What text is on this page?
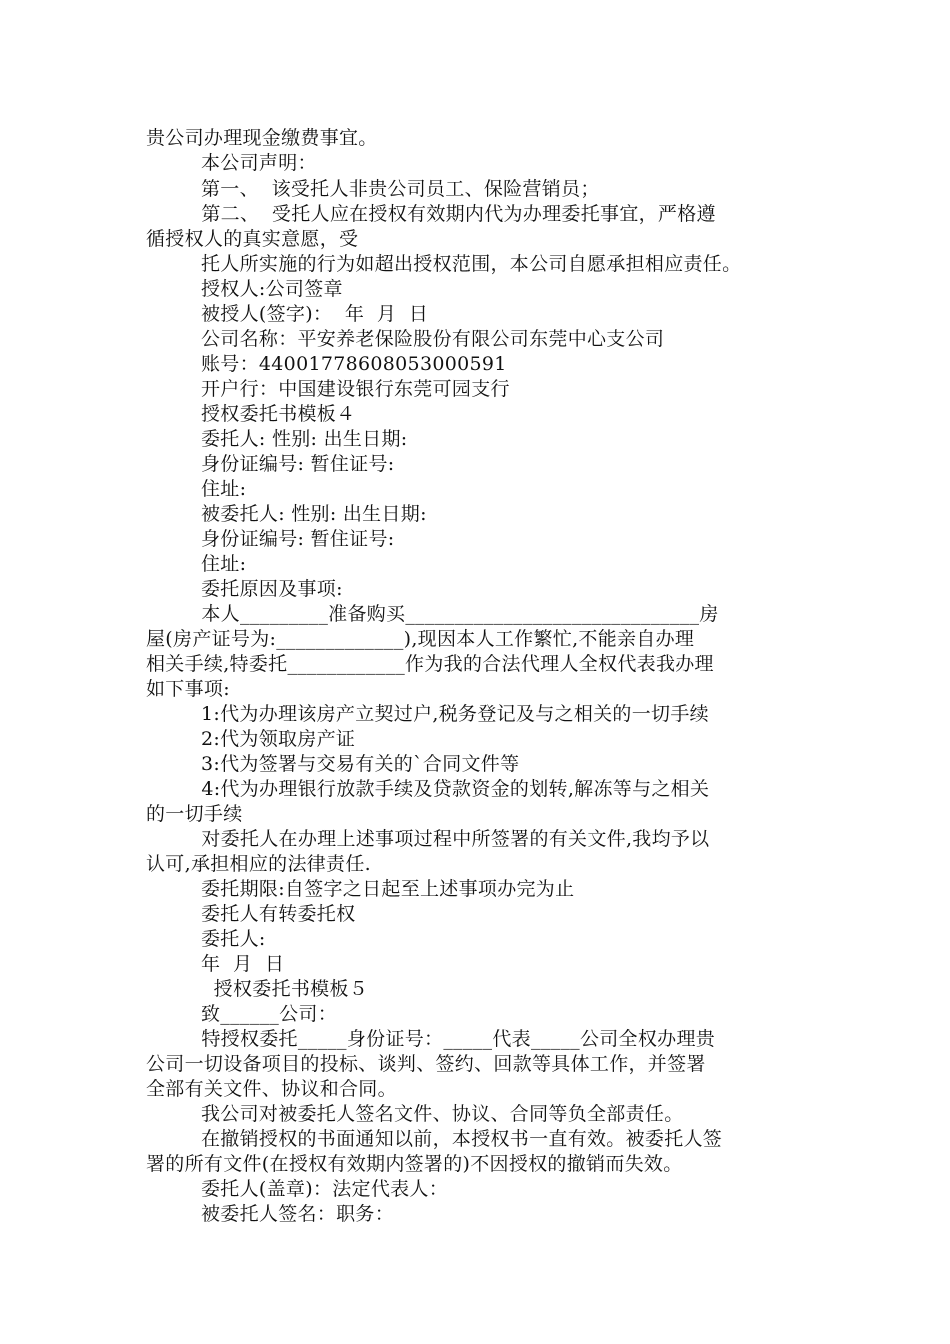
贵公司办理现金缴费事宜。
本公司声明：
第一、  该受托人非贵公司员工、保险营销员；
第二、  受托人应在授权有效期内代为办理委托事宜，严格遵
循授权人的真实意愿，受
托人所实施的行为如超出授权范围，本公司自愿承担相应责任。
授权人:公司签章
被授人(签字)：  年  月  日
公司名称：平安养老保险股份有限公司东莞中心支公司
账号：44001778608053000591
开户行：中国建设银行东莞可园支行
授权委托书模板４
委托人: 性别: 出生日期:
身份证编号: 暂住证号:
住址:
被委托人: 性别: 出生日期:
身份证编号: 暂住证号:
住址:
委托原因及事项:
本人_________准备购买______________________________房
屋(房产证号为:_____________),现因本人工作繁忙,不能亲自办理
相关手续,特委托____________作为我的合法代理人全权代表我办理
如下事项:
1:代为办理该房产立契过户,税务登记及与之相关的一切手续
2:代为领取房产证
3:代为签署与交易有关的`合同文件等
4:代为办理银行放款手续及贷款资金的划转,解冻等与之相关
的一切手续
对委托人在办理上述事项过程中所签署的有关文件,我均予以
认可,承担相应的法律责任.
委托期限:自签字之日起至上述事项办完为止
委托人有转委托权
委托人:
年  月  日
授权委托书模板５
致______公司：
特授权委托_____身份证号：_____代表_____公司全权办理贵
公司一切设备项目的投标、谈判、签约、回款等具体工作，并签署
全部有关文件、协议和合同。
我公司对被委托人签名文件、协议、合同等负全部责任。
在撤销授权的书面通知以前，本授权书一直有效。被委托人签
署的所有文件(在授权有效期内签署的)不因授权的撤销而失效。
委托人(盖章)：法定代表人：
被委托人签名：职务：
